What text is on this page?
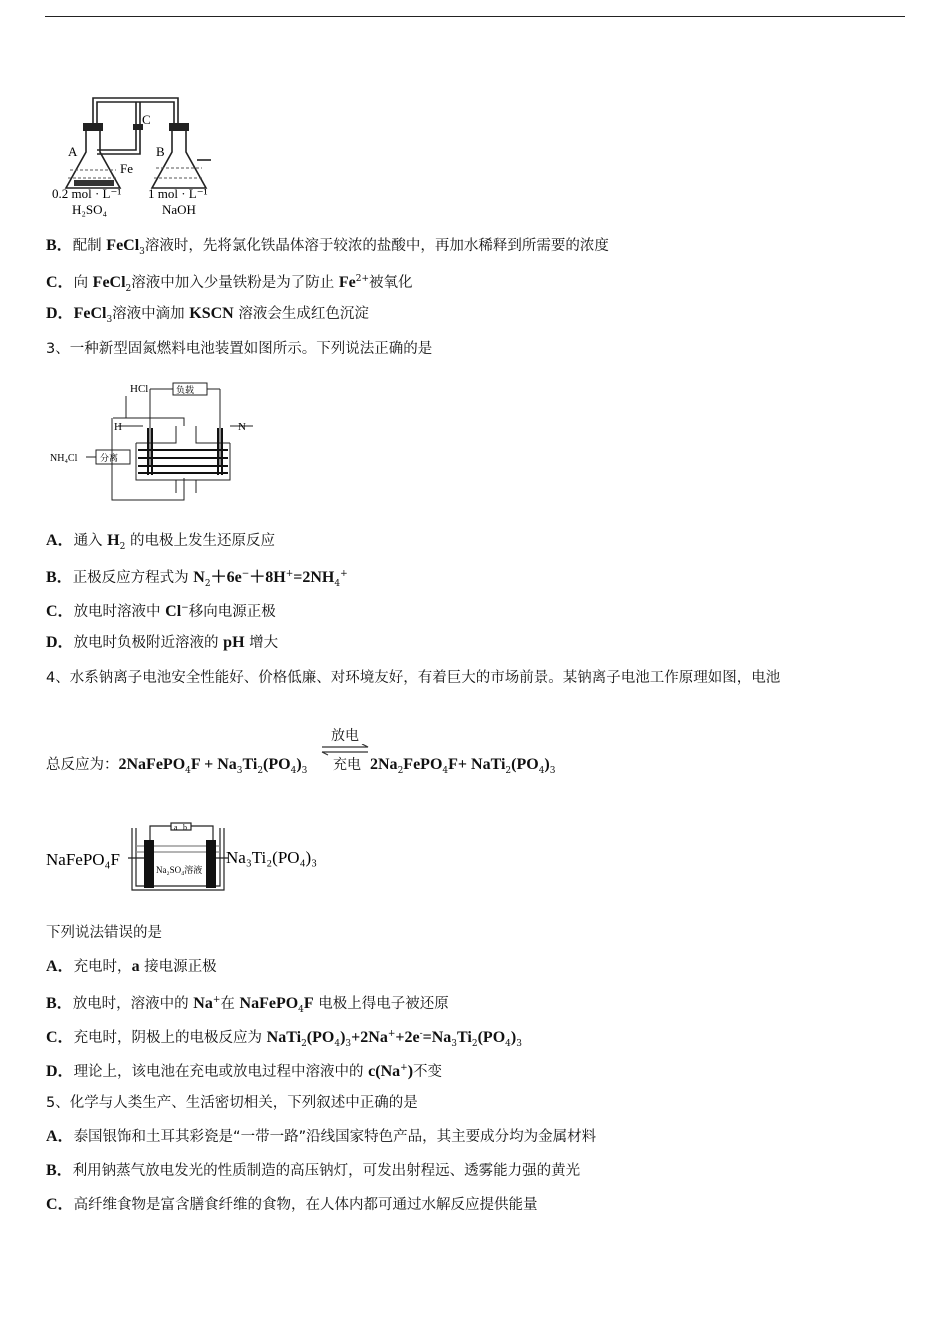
A	B
C
Fe
0.2 mol · L⁻¹
H₂SO₄
1 mol · L⁻¹
NaOH
B．配制 FeCl$_3$溶液时，先将氯化铁晶体溶于较浓的盐酸中，再加水稀释到所需要的浓度
C．向 FeCl$_2$溶液中加入少量铁粉是为了防止 $Fe^{2+}$被氧化
D．FeCl$_3$溶液中滴加 KSCN 溶液会生成红色沉淀
3、一种新型固氮燃料电池装置如图所示。下列说法正确的是
HCl	负载
H	N
NH₄Cl	分离
A．通入 $H_2$ 的电极上发生还原反应
B．正极反应方程式为 $N_2+6e^-+8H^+=2NH_4^+$
C．放电时溶液中 Cl−移向电源正极
D．放电时负极附近溶液的 pH 增大
4、水系钠离子电池安全性能好、价格低廉、对环境友好，有着巨大的市场前景。某钠离子电池工作原理如图，电池
放电
总反应为：2NaFePO$_4$F + $Na_3Ti_2(PO_4)_3$　　　　	$2Na_2FePO_4F+$ $NaTi_2(PO_4)_3$
充电
a b
NaFePO₄F	Na₃Ti₂(PO₄)₃
Na₂SO₄溶液
下列说法错误的是
A．充电时，a 接电源正极
B．放电时，溶液中的 Na+在 NaFePO$_4$F 电极上得电子被还原
C．充电时，阴极上的电极反应为 $NaTi_2(PO_4)_3+2Na^++2e^-=Na_3Ti_2(PO_4)_3$
D．理论上，该电池在充电或放电过程中溶液中的 c(Na+)不变
5、化学与人类生产、生活密切相关，下列叙述中正确的是
A．泰国银饰和土耳其彩瓷是“一带一路”沿线国家特色产品，其主要成分均为金属材料
B．利用钠蒸气放电发光的性质制造的高压钠灯，可发出射程远、透雾能力强的黄光
C．高纤维食物是富含膳食纤维的食物，在人体内都可通过水解反应提供能量
